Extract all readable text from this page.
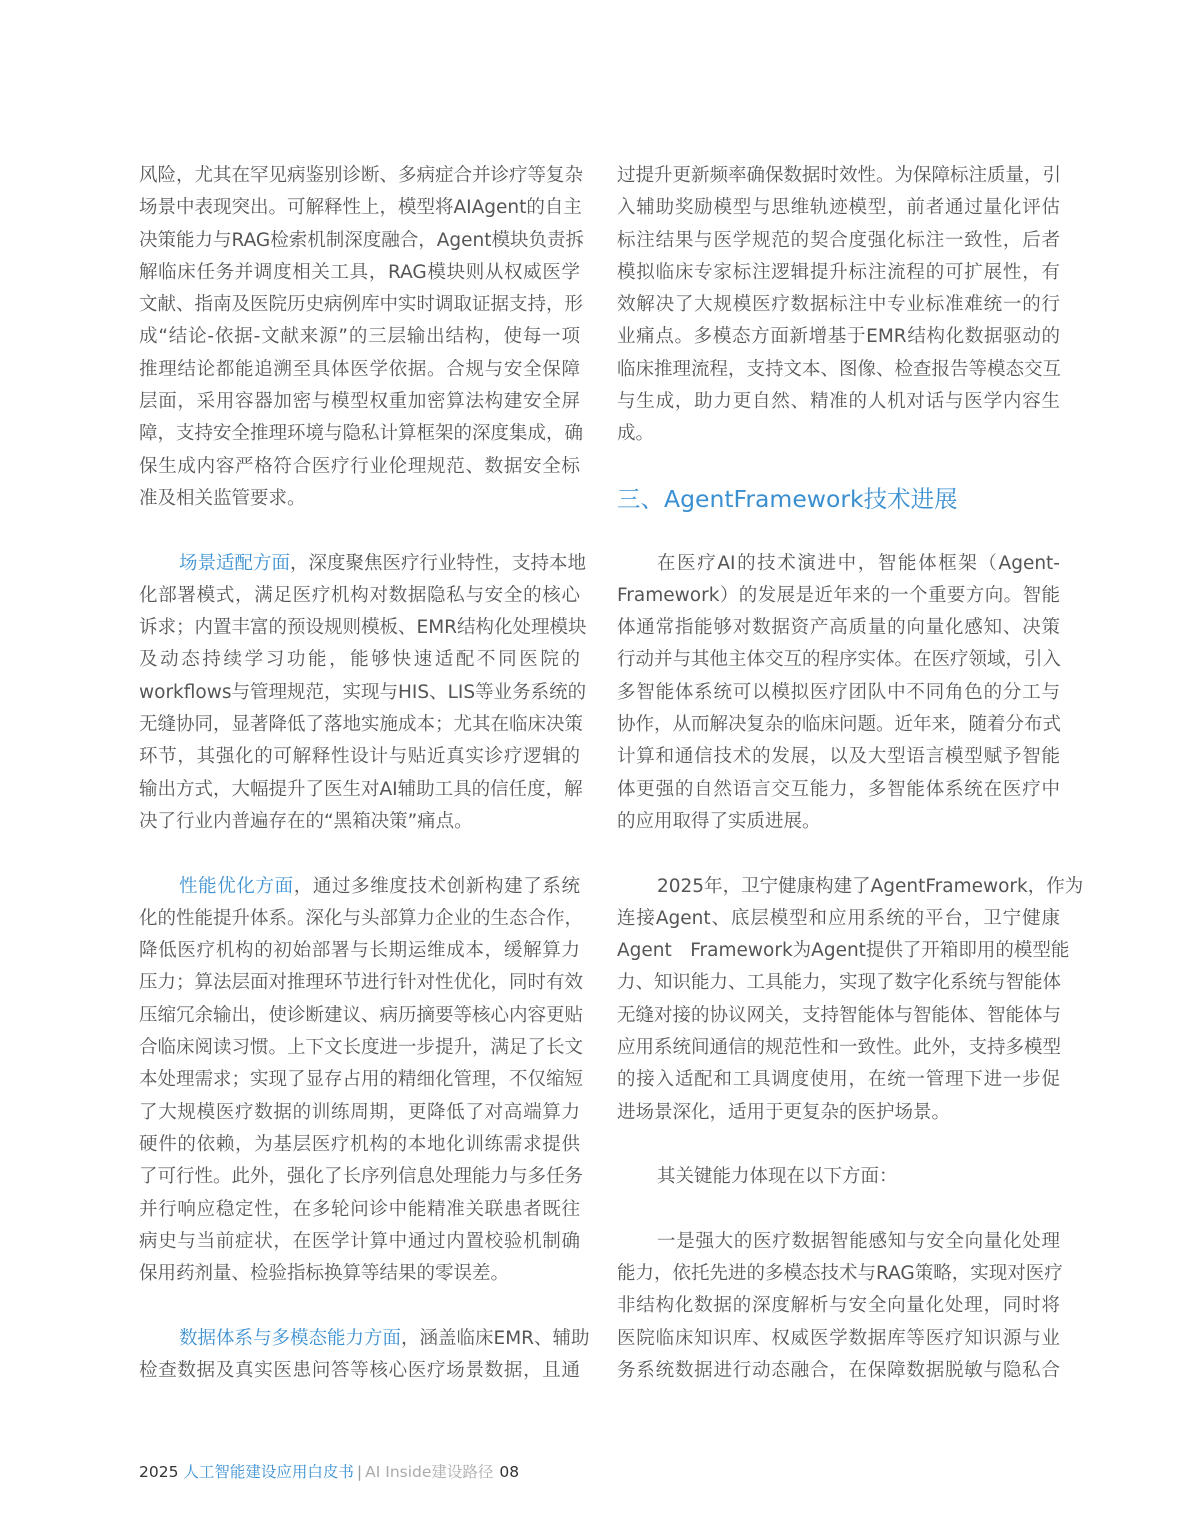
风险，尤其在罕见病鉴别诊断、多病症合并诊疗等复杂
场景中表现突出。可解释性上，模型将AIAgent的自主
决策能力与RAG检索机制深度融合，Agent模块负责拆
解临床任务并调度相关工具，RAG模块则从权威医学
文献、指南及医院历史病例库中实时调取证据支持，形
成“结论-依据-文献来源”的三层输出结构，使每一项
推理结论都能追溯至具体医学依据。合规与安全保障
层面，采用容器加密与模型权重加密算法构建安全屏
障，支持安全推理环境与隐私计算框架的深度集成，确
保生成内容严格符合医疗行业伦理规范、数据安全标
准及相关监管要求。
场景适配方面，深度聚焦医疗行业特性，支持本地
化部署模式，满足医疗机构对数据隐私与安全的核心
诉求；内置丰富的预设规则模板、EMR结构化处理模块
及动态持续学习功能，能够快速适配不同医院的
workflows与管理规范，实现与HIS、LIS等业务系统的
无缝协同，显著降低了落地实施成本；尤其在临床决策
环节，其强化的可解释性设计与贴近真实诊疗逻辑的
输出方式，大幅提升了医生对AI辅助工具的信任度，解
决了行业内普遍存在的“黑箱决策”痛点。
性能优化方面，通过多维度技术创新构建了系统
化的性能提升体系。深化与头部算力企业的生态合作，
降低医疗机构的初始部署与长期运维成本，缓解算力
压力；算法层面对推理环节进行针对性优化，同时有效
压缩冗余输出，使诊断建议、病历摘要等核心内容更贴
合临床阅读习惯。上下文长度进一步提升，满足了长文
本处理需求；实现了显存占用的精细化管理，不仅缩短
了大规模医疗数据的训练周期，更降低了对高端算力
硬件的依赖，为基层医疗机构的本地化训练需求提供
了可行性。此外，强化了长序列信息处理能力与多任务
并行响应稳定性，在多轮问诊中能精准关联患者既往
病史与当前症状，在医学计算中通过内置校验机制确
保用药剂量、检验指标换算等结果的零误差。
数据体系与多模态能力方面，涵盖临床EMR、辅助
检查数据及真实医患问答等核心医疗场景数据，且通
过提升更新频率确保数据时效性。为保障标注质量，引
入辅助奖励模型与思维轨迹模型，前者通过量化评估
标注结果与医学规范的契合度强化标注一致性，后者
模拟临床专家标注逻辑提升标注流程的可扩展性，有
效解决了大规模医疗数据标注中专业标准难统一的行
业痛点。多模态方面新增基于EMR结构化数据驱动的
临床推理流程，支持文本、图像、检查报告等模态交互
与生成，助力更自然、精准的人机对话与医学内容生
成。
三、AgentFramework技术进展
在医疗AI的技术演进中，智能体框架（Agent-
Framework）的发展是近年来的一个重要方向。智能
体通常指能够对数据资产高质量的向量化感知、决策
行动并与其他主体交互的程序实体。在医疗领域，引入
多智能体系统可以模拟医疗团队中不同角色的分工与
协作，从而解决复杂的临床问题。近年来，随着分布式
计算和通信技术的发展，以及大型语言模型赋予智能
体更强的自然语言交互能力，多智能体系统在医疗中
的应用取得了实质进展。
2025年，卫宁健康构建了AgentFramework，作为
连接Agent、底层模型和应用系统的平台，卫宁健康
Agent　Framework为Agent提供了开箱即用的模型能
力、知识能力、工具能力，实现了数字化系统与智能体
无缝对接的协议网关，支持智能体与智能体、智能体与
应用系统间通信的规范性和一致性。此外，支持多模型
的接入适配和工具调度使用，在统一管理下进一步促
进场景深化，适用于更复杂的医护场景。
其关键能力体现在以下方面：
一是强大的医疗数据智能感知与安全向量化处理
能力，依托先进的多模态技术与RAG策略，实现对医疗
非结构化数据的深度解析与安全向量化处理，同时将
医院临床知识库、权威医学数据库等医疗知识源与业
务系统数据进行动态融合，在保障数据脱敏与隐私合
2025 人工智能建设应用白皮书 | AI Inside建设路径 08
